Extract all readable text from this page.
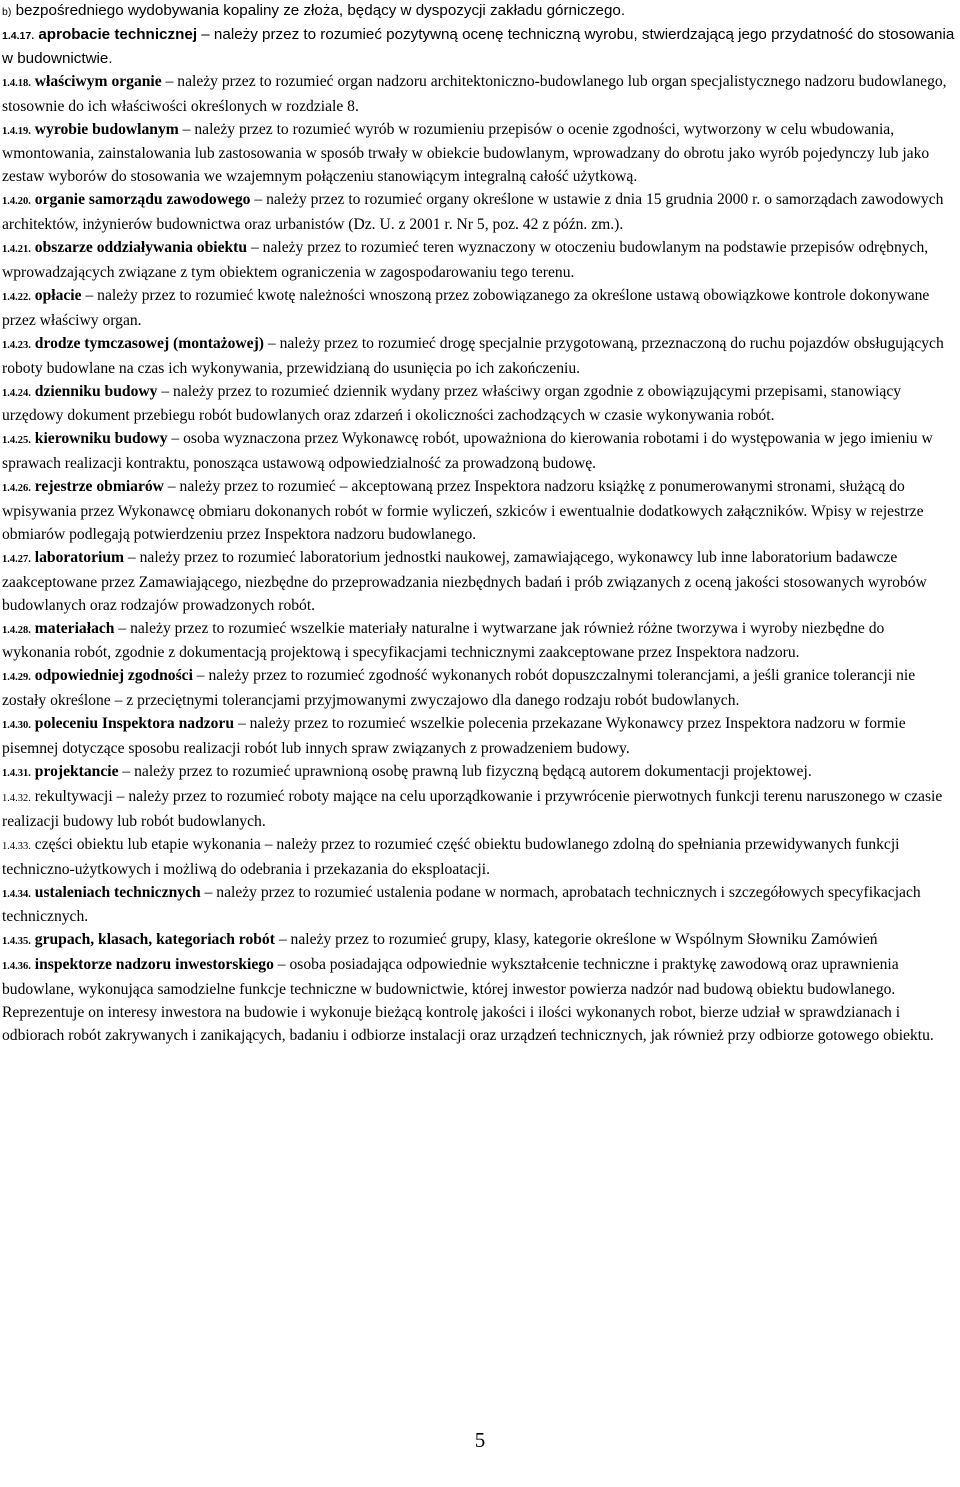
b) bezpośredniego wydobywania kopaliny ze złoża, będący w dyspozycji zakładu górniczego.

1.4.17. aprobacie technicznej – należy przez to rozumieć pozytywną ocenę techniczną wyrobu, stwierdzającą jego przydatność do stosowania w budownictwie.

1.4.18. właściwym organie – należy przez to rozumieć organ nadzoru architektoniczno-budowlanego lub organ specjalistycznego nadzoru budowlanego, stosownie do ich właściwości określonych w rozdziale 8.

1.4.19. wyrobie budowlanym – należy przez to rozumieć wyrób w rozumieniu przepisów o ocenie zgodności, wytworzony w celu wbudowania, wmontowania, zainstalowania lub zastosowania w sposób trwały w obiekcie budowlanym, wprowadzany do obrotu jako wyrób pojedynczy lub jako zestaw wyborów do stosowania we wzajemnym połączeniu stanowiącym integralną całość użytkową.

1.4.20. organie samorządu zawodowego – należy przez to rozumieć organy określone w ustawie z dnia 15 grudnia 2000 r. o samorządach zawodowych architektów, inżynierów budownictwa oraz urbanistów (Dz. U. z 2001 r. Nr 5, poz. 42 z późn. zm.).

1.4.21. obszarze oddziaływania obiektu – należy przez to rozumieć teren wyznaczony w otoczeniu budowlanym na podstawie przepisów odrębnych, wprowadzających związane z tym obiektem ograniczenia w zagospodarowaniu tego terenu.

1.4.22. opłacie – należy przez to rozumieć kwotę należności wnoszoną przez zobowiązanego za określone ustawą obowiązkowe kontrole dokonywane przez właściwy organ.

1.4.23. drodze tymczasowej (montażowej) – należy przez to rozumieć drogę specjalnie przygotowaną, przeznaczoną do ruchu pojazdów obsługujących roboty budowlane na czas ich wykonywania, przewidzianą do usunięcia po ich zakończeniu.

1.4.24. dzienniku budowy – należy przez to rozumieć dziennik wydany przez właściwy organ zgodnie z obowiązującymi przepisami, stanowiący urzędowy dokument przebiegu robót budowlanych oraz zdarzeń i okoliczności zachodzących w czasie wykonywania robót.

1.4.25. kierowniku budowy – osoba wyznaczona przez Wykonawcę robót, upoważniona do kierowania robotami i do występowania w jego imieniu w sprawach realizacji kontraktu, ponosząca ustawową odpowiedzialność za prowadzoną budowę.

1.4.26. rejestrze obmiarów – należy przez to rozumieć – akceptowaną przez Inspektora nadzoru książkę z ponumerowanymi stronami, służącą do wpisywania przez Wykonawcę obmiaru dokonanych robót w formie wyliczeń, szkiców i ewentualnie dodatkowych załączników. Wpisy w rejestrze obmiarów podlegają potwierdzeniu przez Inspektora nadzoru budowlanego.

1.4.27. laboratorium – należy przez to rozumieć laboratorium jednostki naukowej, zamawiającego, wykonawcy lub inne laboratorium badawcze zaakceptowane przez Zamawiającego, niezbędne do przeprowadzania niezbędnych badań i prób związanych z oceną jakości stosowanych wyrobów budowlanych oraz rodzajów prowadzonych robót.

1.4.28. materiałach – należy przez to rozumieć wszelkie materiały naturalne i wytwarzane jak również różne tworzywa i wyroby niezbędne do wykonania robót, zgodnie z dokumentacją projektową i specyfikacjami technicznymi zaakceptowane przez Inspektora nadzoru.

1.4.29. odpowiedniej zgodności – należy przez to rozumieć zgodność wykonanych robót dopuszczalnymi tolerancjami, a jeśli granice tolerancji nie zostały określone – z przeciętnymi tolerancjami przyjmowanymi zwyczajowo dla danego rodzaju robót budowlanych.

1.4.30. poleceniu Inspektora nadzoru – należy przez to rozumieć wszelkie polecenia przekazane Wykonawcy przez Inspektora nadzoru w formie pisemnej dotyczące sposobu realizacji robót lub innych spraw związanych z prowadzeniem budowy.

1.4.31. projektancie – należy przez to rozumieć uprawnioną osobę prawną lub fizyczną będącą autorem dokumentacji projektowej.

1.4.32. rekultywacji – należy przez to rozumieć roboty mające na celu uporządkowanie i przywrócenie pierwotnych funkcji terenu naruszonego w czasie realizacji budowy lub robót budowlanych.

1.4.33. części obiektu lub etapie wykonania – należy przez to rozumieć część obiektu budowlanego zdolną do spełniania przewidywanych funkcji techniczno-użytkowych i możliwą do odebrania i przekazania do eksploatacji.

1.4.34. ustaleniach technicznych – należy przez to rozumieć ustalenia podane w normach, aprobatach technicznych i szczegółowych specyfikacjach technicznych.

1.4.35. grupach, klasach, kategoriach robót – należy przez to rozumieć grupy, klasy, kategorie określone w Wspólnym Słowniku Zamówień

1.4.36. inspektorze nadzoru inwestorskiego – osoba posiadająca odpowiednie wykształcenie techniczne i praktykę zawodową oraz uprawnienia budowlane, wykonująca samodzielne funkcje techniczne w budownictwie, której inwestor powierza nadzór nad budową obiektu budowlanego. Reprezentuje on interesy inwestora na budowie i wykonuje bieżącą kontrolę jakości i ilości wykonanych robot, bierze udział w sprawdzianach i odbiorach robót zakrywanych i zanikających, badaniu i odbiorze instalacji oraz urządzeń technicznych, jak również przy odbiorze gotowego obiektu.

5
